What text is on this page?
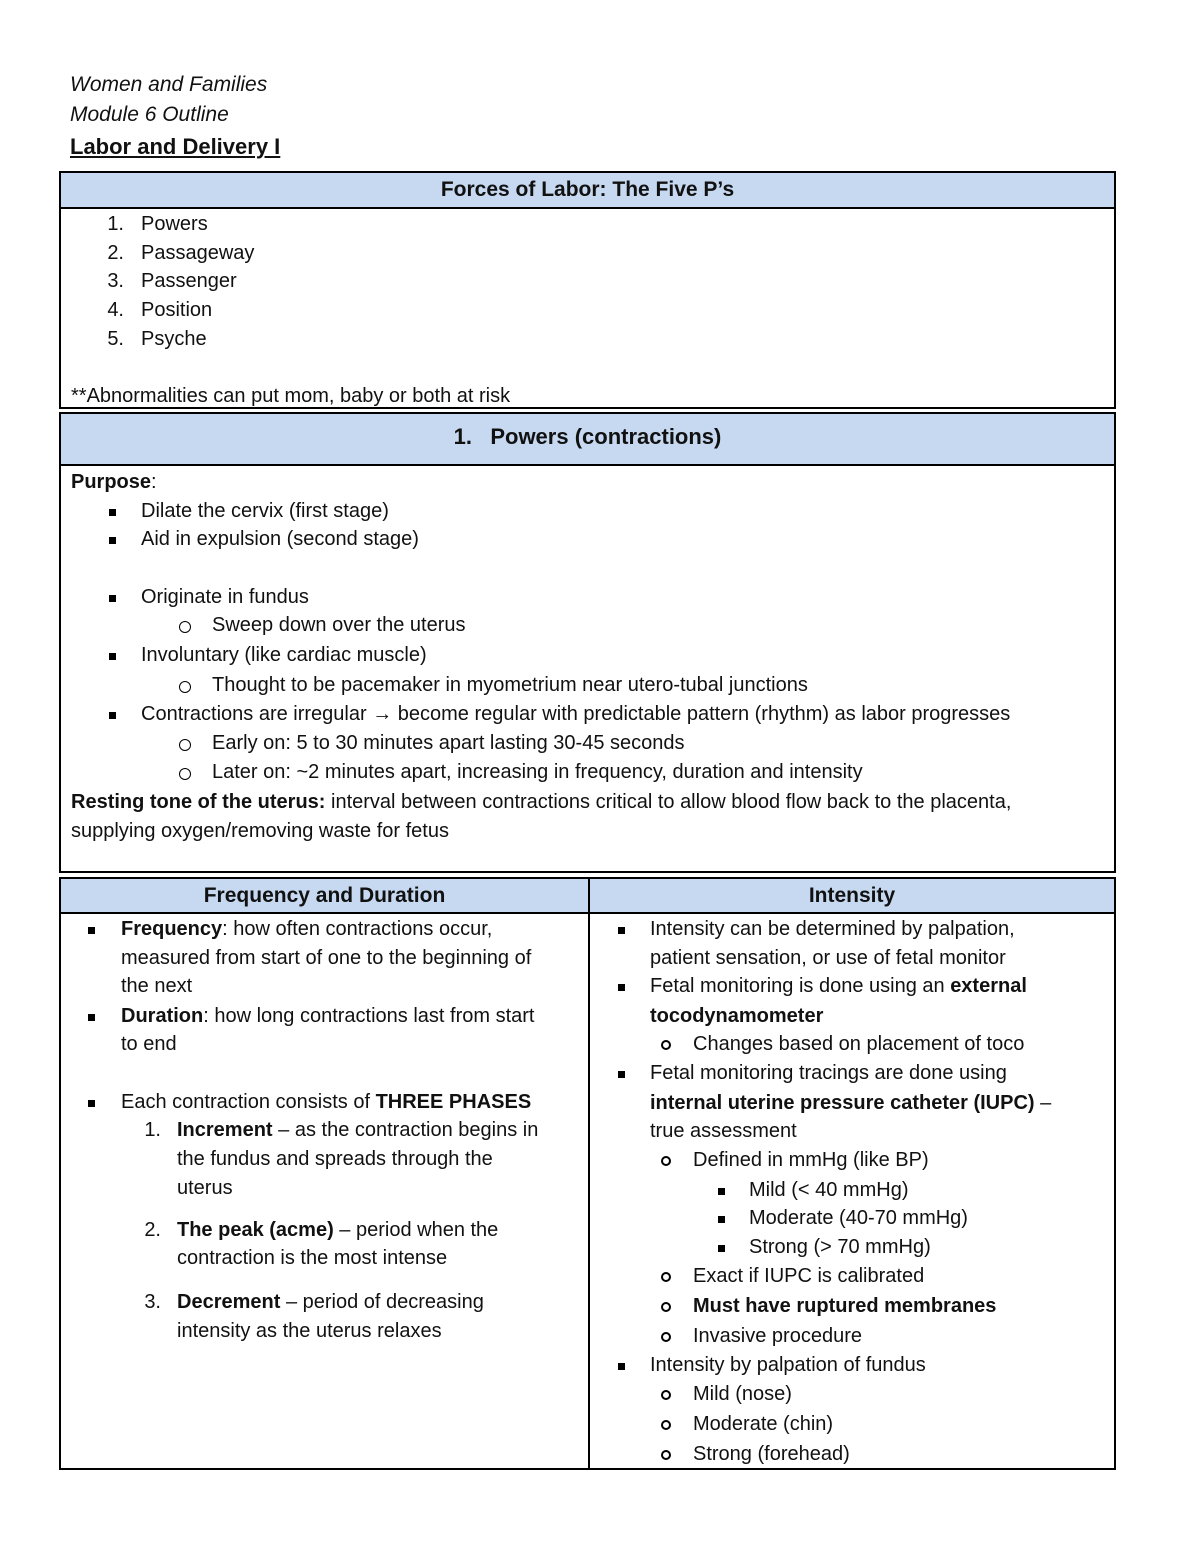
Women and Families
Module 6 Outline
Labor and Delivery I
Forces of Labor: The Five P’s
1. Powers
2. Passageway
3. Passenger
4. Position
5. Psyche
**Abnormalities can put mom, baby or both at risk
1. Powers (contractions)
Purpose:
Dilate the cervix (first stage)
Aid in expulsion (second stage)
Originate in fundus
Sweep down over the uterus
Involuntary (like cardiac muscle)
Thought to be pacemaker in myometrium near utero-tubal junctions
Contractions are irregular → become regular with predictable pattern (rhythm) as labor progresses
Early on: 5 to 30 minutes apart lasting 30-45 seconds
Later on: ~2 minutes apart, increasing in frequency, duration and intensity
Resting tone of the uterus: interval between contractions critical to allow blood flow back to the placenta,
supplying oxygen/removing waste for fetus
Frequency and Duration	Intensity
Frequency: how often contractions occur,
measured from start of one to the beginning of
the next
Duration: how long contractions last from start
to end
Each contraction consists of THREE PHASES
1. Increment – as the contraction begins in
the fundus and spreads through the
uterus
2. The peak (acme) – period when the
contraction is the most intense
3. Decrement – period of decreasing
intensity as the uterus relaxes
Intensity can be determined by palpation,
patient sensation, or use of fetal monitor
Fetal monitoring is done using an external
tocodynamometer
Changes based on placement of toco
Fetal monitoring tracings are done using
internal uterine pressure catheter (IUPC) –
true assessment
Defined in mmHg (like BP)
Mild (< 40 mmHg)
Moderate (40-70 mmHg)
Strong (> 70 mmHg)
Exact if IUPC is calibrated
Must have ruptured membranes
Invasive procedure
Intensity by palpation of fundus
Mild (nose)
Moderate (chin)
Strong (forehead)
